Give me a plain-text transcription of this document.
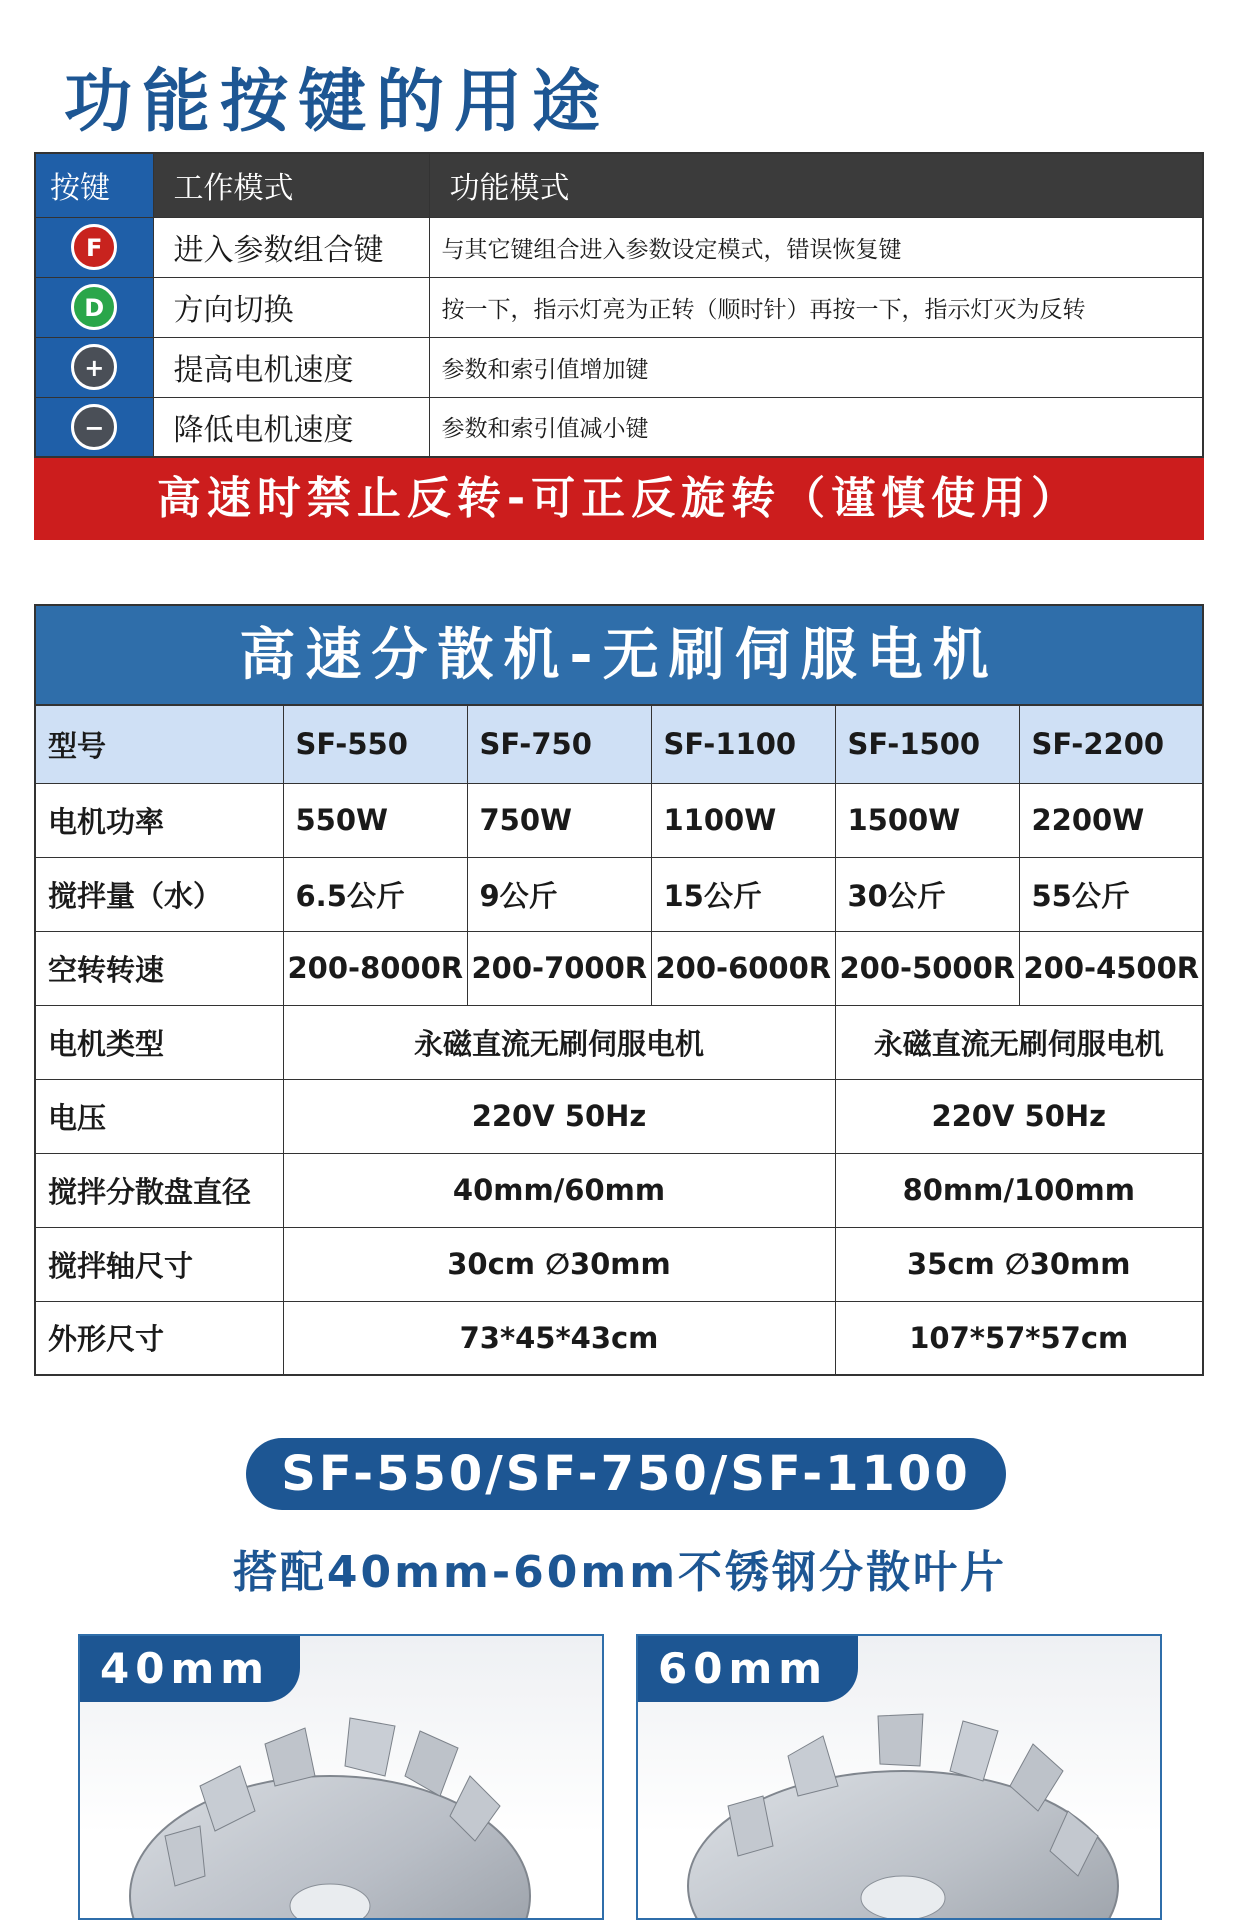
功能按键的用途
按键	工作模式	功能模式
F	进入参数组合键	与其它键组合进入参数设定模式，错误恢复键
D	方向切换	按一下，指示灯亮为正转（顺时针）再按一下，指示灯灭为反转
+	提高电机速度	参数和索引值增加键
−	降低电机速度	参数和索引值减小键
高速时禁止反转-可正反旋转（谨慎使用）
高速分散机-无刷伺服电机
型号	SF-550	SF-750	SF-1100	SF-1500	SF-2200
电机功率	550W	750W	1100W	1500W	2200W
搅拌量（水）	6.5公斤	9公斤	15公斤	30公斤	55公斤
空转转速	200-8000R	200-7000R	200-6000R	200-5000R	200-4500R
电机类型	永磁直流无刷伺服电机			永磁直流无刷伺服电机	
电压	220V 50Hz			220V 50Hz	
搅拌分散盘直径	40mm/60mm			80mm/100mm	
搅拌轴尺寸	30cm ∅30mm			35cm ∅30mm	
外形尺寸	73*45*43cm			107*57*57cm	
SF-550/SF-750/SF-1100
搭配40mm-60mm不锈钢分散叶片
40mm	60mm
